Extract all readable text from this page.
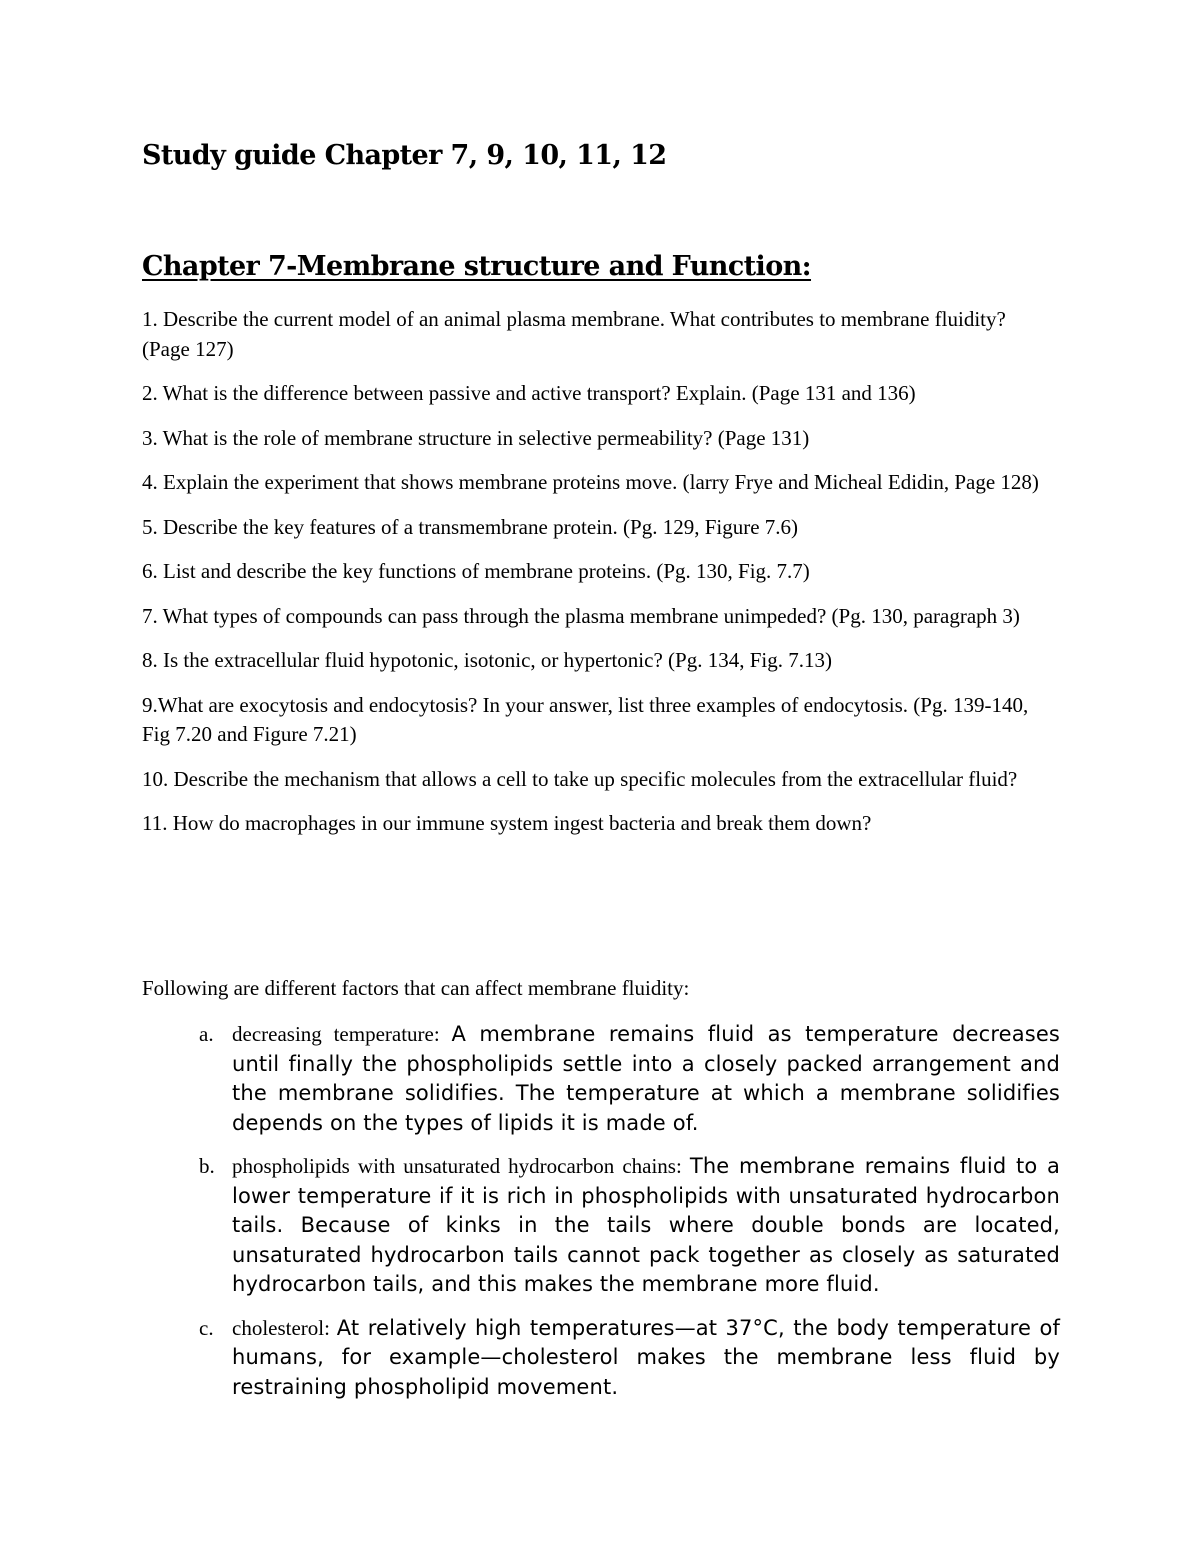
Study guide Chapter 7, 9, 10, 11, 12
Chapter 7-Membrane structure and Function:
1. Describe the current model of an animal plasma membrane. What contributes to membrane fluidity? (Page 127)
2. What is the difference between passive and active transport? Explain. (Page 131 and 136)
3. What is the role of membrane structure in selective permeability? (Page 131)
4. Explain the experiment that shows membrane proteins move. (larry Frye and Micheal Edidin, Page 128)
5. Describe the key features of a transmembrane protein. (Pg. 129, Figure 7.6)
6. List and describe the key functions of membrane proteins. (Pg. 130, Fig. 7.7)
7. What types of compounds can pass through the plasma membrane unimpeded? (Pg. 130, paragraph 3)
8. Is the extracellular fluid hypotonic, isotonic, or hypertonic? (Pg. 134, Fig. 7.13)
9.What are exocytosis and endocytosis? In your answer, list three examples of endocytosis. (Pg. 139-140, Fig 7.20 and Figure 7.21)
10. Describe the mechanism that allows a cell to take up specific molecules from the extracellular fluid?
11. How do macrophages in our immune system ingest bacteria and break them down?

Following are different factors that can affect membrane fluidity:

a. decreasing temperature: A membrane remains fluid as temperature decreases until finally the phospholipids settle into a closely packed arrangement and the membrane solidifies. The temperature at which a membrane solidifies depends on the types of lipids it is made of.
b. phospholipids with unsaturated hydrocarbon chains: The membrane remains fluid to a lower temperature if it is rich in phospholipids with unsaturated hydrocarbon tails. Because of kinks in the tails where double bonds are located, unsaturated hydrocarbon tails cannot pack together as closely as saturated hydrocarbon tails, and this makes the membrane more fluid.
c. cholesterol: At relatively high temperatures—at 37°C, the body temperature of humans, for example—cholesterol makes the membrane less fluid by restraining phospholipid movement.
